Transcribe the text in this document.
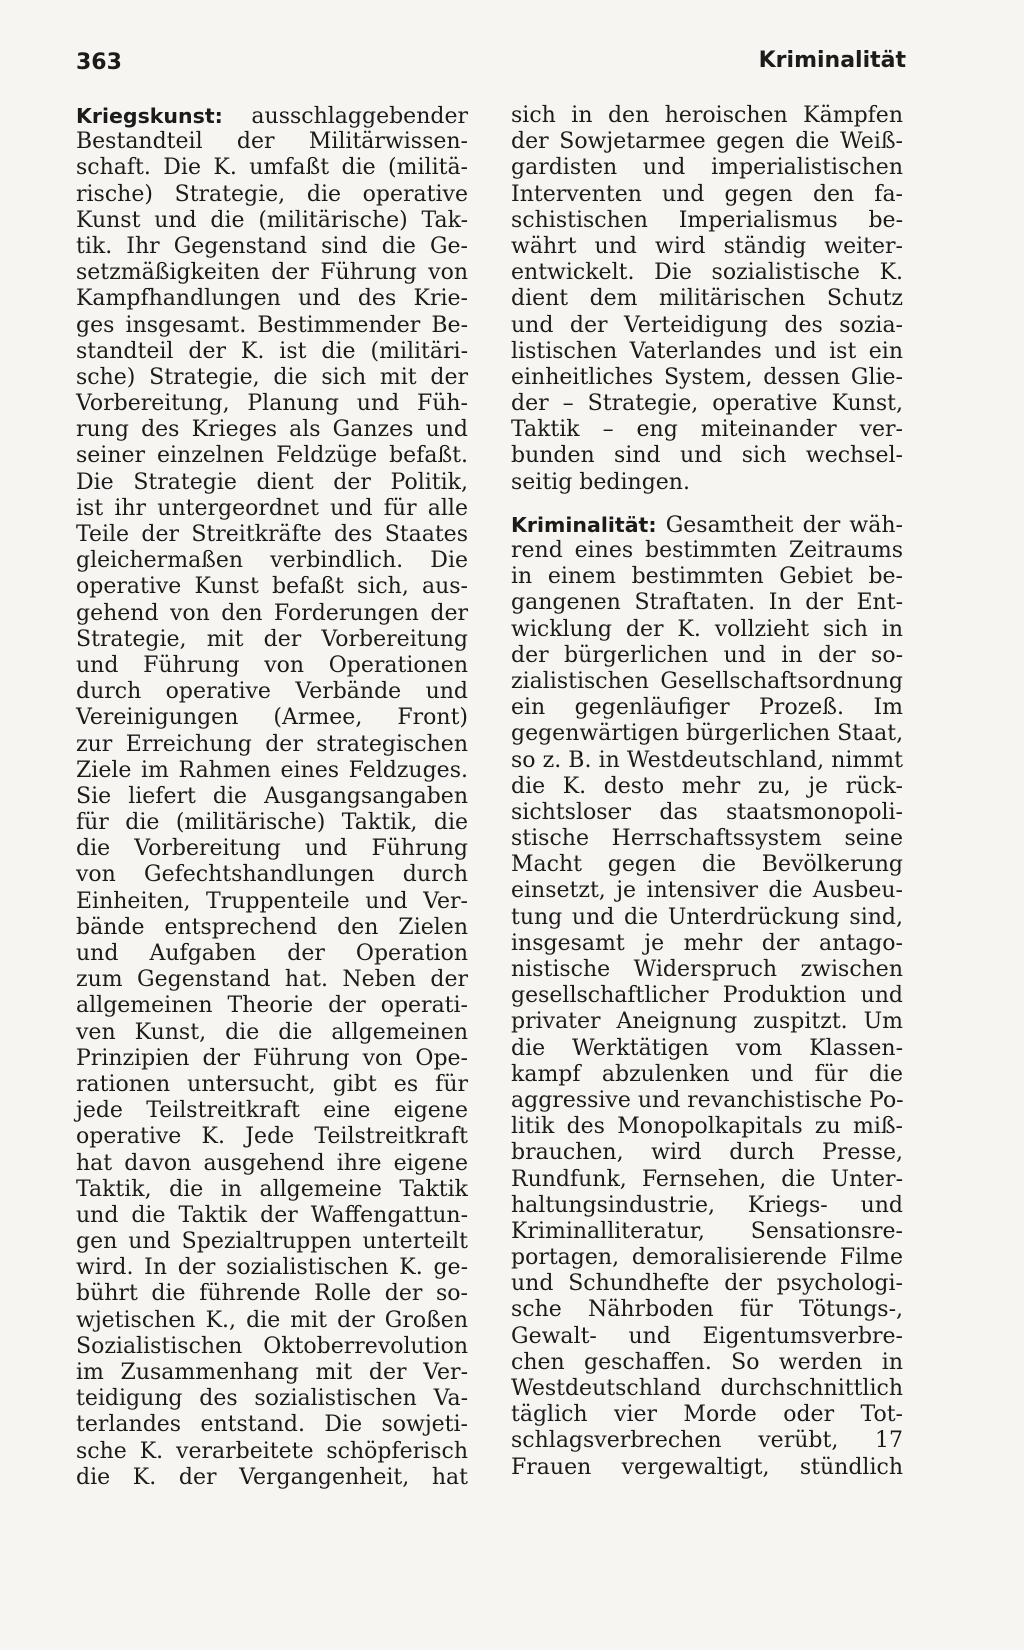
363	Kriminalität
Kriegskunst: ausschlaggebender
Bestandteil der Militärwissen-
schaft. Die K. umfaßt die (militä-
rische) Strategie, die operative
Kunst und die (militärische) Tak-
tik. Ihr Gegenstand sind die Ge-
setzmäßigkeiten der Führung von
Kampfhandlungen und des Krie-
ges insgesamt. Bestimmender Be-
standteil der K. ist die (militäri-
sche) Strategie, die sich mit der
Vorbereitung, Planung und Füh-
rung des Krieges als Ganzes und
seiner einzelnen Feldzüge befaßt.
Die Strategie dient der Politik,
ist ihr untergeordnet und für alle
Teile der Streitkräfte des Staates
gleichermaßen verbindlich. Die
operative Kunst befaßt sich, aus-
gehend von den Forderungen der
Strategie, mit der Vorbereitung
und Führung von Operationen
durch operative Verbände und
Vereinigungen (Armee, Front)
zur Erreichung der strategischen
Ziele im Rahmen eines Feldzuges.
Sie liefert die Ausgangsangaben
für die (militärische) Taktik, die
die Vorbereitung und Führung
von Gefechtshandlungen durch
Einheiten, Truppenteile und Ver-
bände entsprechend den Zielen
und Aufgaben der Operation
zum Gegenstand hat. Neben der
allgemeinen Theorie der operati-
ven Kunst, die die allgemeinen
Prinzipien der Führung von Ope-
rationen untersucht, gibt es für
jede Teilstreitkraft eine eigene
operative K. Jede Teilstreitkraft
hat davon ausgehend ihre eigene
Taktik, die in allgemeine Taktik
und die Taktik der Waffengattun-
gen und Spezialtruppen unterteilt
wird. In der sozialistischen K. ge-
bührt die führende Rolle der so-
wjetischen K., die mit der Großen
Sozialistischen Oktoberrevolution
im Zusammenhang mit der Ver-
teidigung des sozialistischen Va-
terlandes entstand. Die sowjeti-
sche K. verarbeitete schöpferisch
die K. der Vergangenheit, hat
sich in den heroischen Kämpfen
der Sowjetarmee gegen die Weiß-
gardisten und imperialistischen
Interventen und gegen den fa-
schistischen Imperialismus be-
währt und wird ständig weiter-
entwickelt. Die sozialistische K.
dient dem militärischen Schutz
und der Verteidigung des sozia-
listischen Vaterlandes und ist ein
einheitliches System, dessen Glie-
der – Strategie, operative Kunst,
Taktik – eng miteinander ver-
bunden sind und sich wechsel-
seitig bedingen.
Kriminalität: Gesamtheit der wäh-
rend eines bestimmten Zeitraums
in einem bestimmten Gebiet be-
gangenen Straftaten. In der Ent-
wicklung der K. vollzieht sich in
der bürgerlichen und in der so-
zialistischen Gesellschaftsordnung
ein gegenläufiger Prozeß. Im
gegenwärtigen bürgerlichen Staat,
so z. B. in Westdeutschland, nimmt
die K. desto mehr zu, je rück-
sichtsloser das staatsmonopoli-
stische Herrschaftssystem seine
Macht gegen die Bevölkerung
einsetzt, je intensiver die Ausbeu-
tung und die Unterdrückung sind,
insgesamt je mehr der antago-
nistische Widerspruch zwischen
gesellschaftlicher Produktion und
privater Aneignung zuspitzt. Um
die Werktätigen vom Klassen-
kampf abzulenken und für die
aggressive und revanchistische Po-
litik des Monopolkapitals zu miß-
brauchen, wird durch Presse,
Rundfunk, Fernsehen, die Unter-
haltungsindustrie, Kriegs- und
Kriminalliteratur, Sensationsre-
portagen, demoralisierende Filme
und Schundhefte der psychologi-
sche Nährboden für Tötungs-,
Gewalt- und Eigentumsverbre-
chen geschaffen. So werden in
Westdeutschland durchschnittlich
täglich vier Morde oder Tot-
schlagsverbrechen verübt, 17
Frauen vergewaltigt, stündlich
